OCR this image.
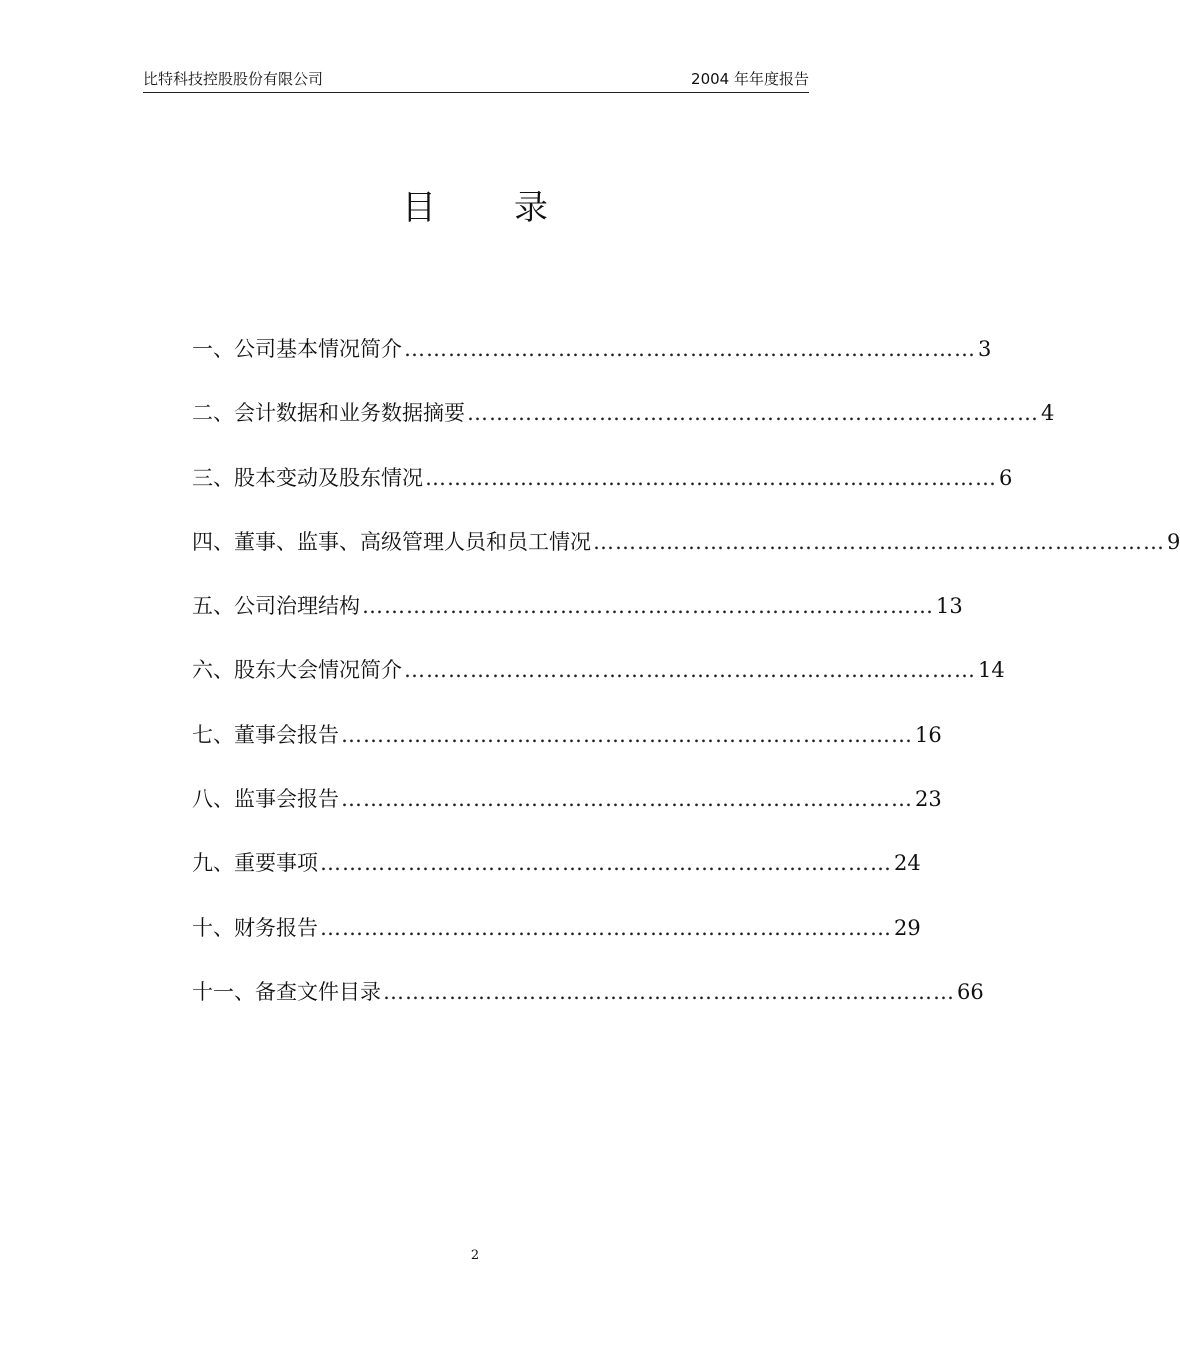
比特科技控股股份有限公司	2004 年年度报告
目 录
一 、 公司基本情况简介 …………………………………………………………………… 3
二 、 会计数据和业务数据摘要 …………………………………………………………………… 4
三 、 股本变动及股东情况 …………………………………………………………………… 6
四 、 董事、监事、高级管理人员和员工情况 …………………………………………………………………… 9
五 、 公司治理结构 …………………………………………………………………… 13
六 、 股东大会情况简介 …………………………………………………………………… 14
七 、 董事会报告 …………………………………………………………………… 16
八 、 监事会报告 …………………………………………………………………… 23
九 、 重要事项 …………………………………………………………………… 24
十 、 财务报告 …………………………………………………………………… 29
十一 、 备查文件目录 …………………………………………………………………… 66
2
